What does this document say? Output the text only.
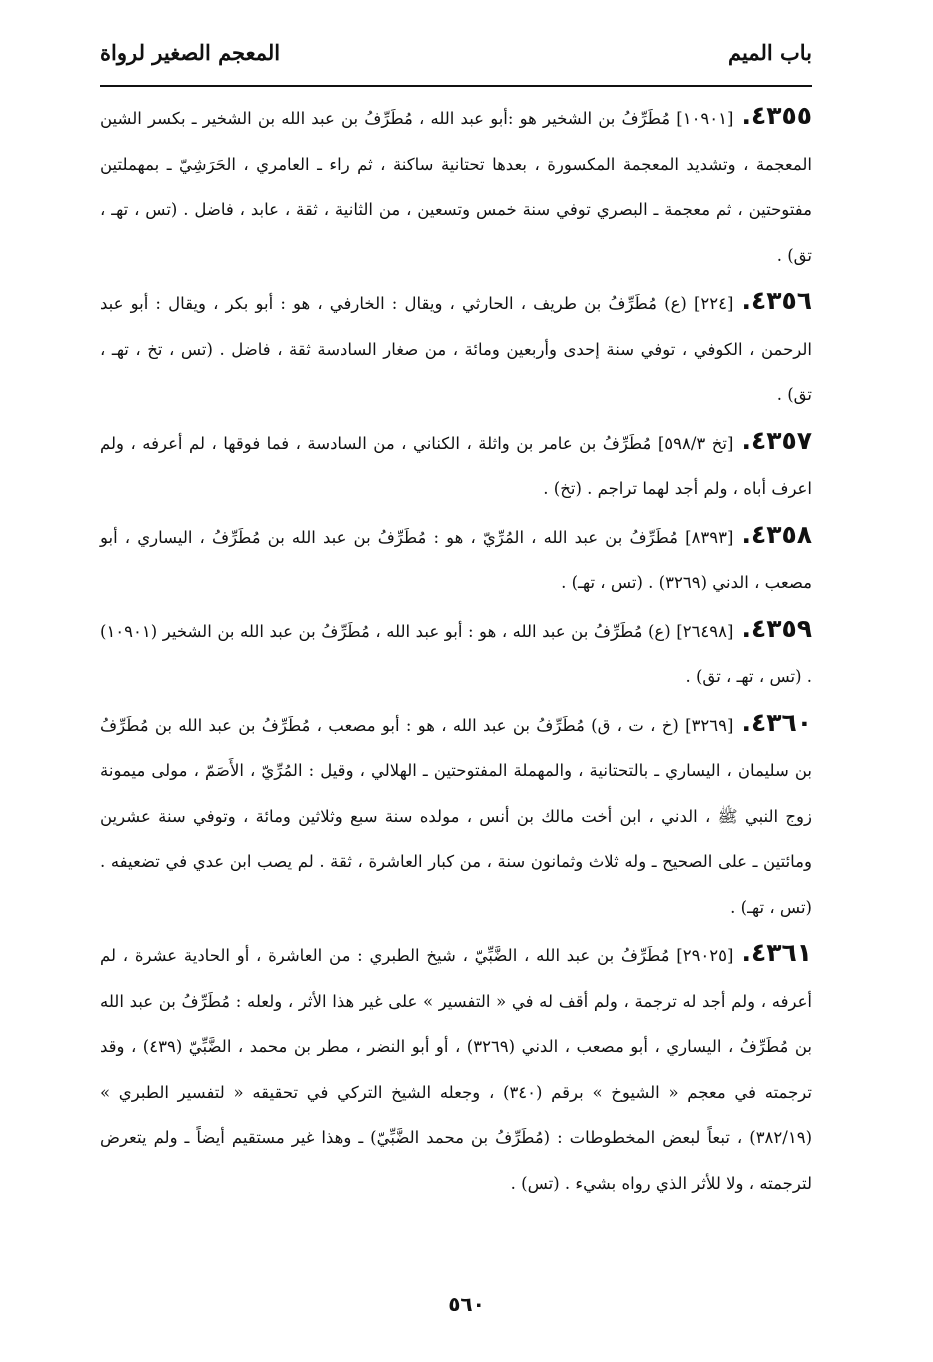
باب الميم
المعجم الصغير لرواة

٤٣٥٥.[١٠٩٠١] مُطَرِّفُ بن الشخير هو :أبو عبد الله ، مُطَرِّفُ بن عبد الله بن الشخير ـ بكسر الشين المعجمة ، وتشديد المعجمة المكسورة ، بعدها تحتانية ساكنة ، ثم راء ـ العامري ، الحَرَشِيّ ـ بمهملتين مفتوحتين ، ثم معجمة ـ البصري توفي سنة خمس وتسعين ، من الثانية ، ثقة ، عابد ، فاضل . (تس ، تهـ ، تق) .

٤٣٥٦.[٢٢٤] (ع) مُطَرِّفُ بن طريف ، الحارثي ، ويقال : الخارفي ، هو : أبو بكر ، ويقال : أبو عبد الرحمن ، الكوفي ، توفي سنة إحدى وأربعين ومائة ، من صغار السادسة ثقة ، فاضل . (تس ، تخ ، تهـ ، تق) .

٤٣٥٧.[تخ ٥٩٨/٣] مُطَرِّفُ بن عامر بن واثلة ، الكناني ، من السادسة ، فما فوقها ، لم أعرفه ، ولم اعرف أباه ، ولم أجد لهما تراجم . (تخ) .

٤٣٥٨.[٨٣٩٣] مُطَرِّفُ بن عبد الله ، المُرِّيّ ، هو : مُطَرِّفُ بن عبد الله بن مُطَرِّفُ ، اليساري ، أبو مصعب ، الدني (٣٢٦٩) . (تس ، تهـ) .

٤٣٥٩.[٢٦٤٩٨] (ع) مُطَرِّفُ بن عبد الله ، هو : أبو عبد الله ، مُطَرِّفُ بن عبد الله بن الشخير (١٠٩٠١) . (تس ، تهـ ، تق) .

٤٣٦٠.[٣٢٦٩] (خ ، ت ، ق) مُطَرِّفُ بن عبد الله ، هو : أبو مصعب ، مُطَرِّفُ بن عبد الله بن مُطَرِّفُ بن سليمان ، اليساري ـ بالتحتانية ، والمهملة المفتوحتين ـ الهلالي ، وقيل : المُرِّيّ ، الأَصَمّ ، مولى ميمونة زوج النبي ﷺ ، الدني ، ابن أخت مالك بن أنس ، مولده سنة سبع وثلاثين ومائة ، وتوفي سنة عشرين ومائتين ـ على الصحيح ـ وله ثلاث وثمانون سنة ، من كبار العاشرة ، ثقة . لم يصب ابن عدي في تضعيفه . (تس ، تهـ) .

٤٣٦١.[٢٩٠٢٥] مُطَرِّفُ بن عبد الله ، الضَّبِّيّ ، شيخ الطبري : من العاشرة ، أو الحادية عشرة ، لم أعرفه ، ولم أجد له ترجمة ، ولم أقف له في « التفسير » على غير هذا الأثر ، ولعله : مُطَرِّفُ بن عبد الله بن مُطَرِّفُ ، اليساري ، أبو مصعب ، الدني (٣٢٦٩) ، أو أبو النضر ، مطر بن محمد ، الضَّبِّيّ (٤٣٩) ، وقد ترجمته في معجم « الشيوخ » برقم (٣٤٠) ، وجعله الشيخ التركي في تحقيقه « لتفسير الطبري » (٣٨٢/١٩) ، تبعاً لبعض المخطوطات : (مُطَرِّفُ بن محمد الضَّبِّيّ) ـ وهذا غير مستقيم أيضاً ـ ولم يتعرض لترجمته ، ولا للأثر الذي رواه بشيء . (تس) .

٥٦٠
